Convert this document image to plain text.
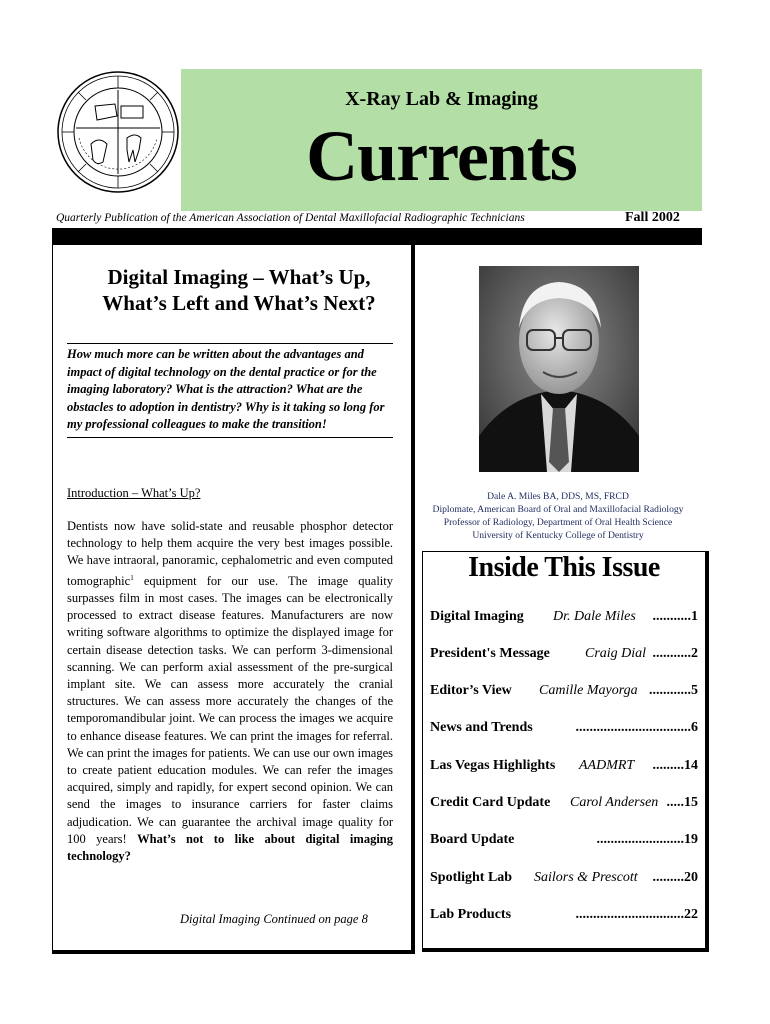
X-Ray Lab & Imaging
Currents
Quarterly Publication of the American Association of Dental Maxillofacial Radiographic Technicians	Fall 2002
Digital Imaging – What’s Up,
What’s Left and What’s Next?
How much more can be written about the advantages and impact of digital technology on the dental practice or for the imaging laboratory? What is the attraction? What are the obstacles to adoption in dentistry? Why is it taking so long for my professional colleagues to make the transition!
Introduction – What’s Up?
Dentists now have solid-state and reusable phosphor detector technology to help them acquire the very best images possible. We have intraoral, panoramic, cephalometric and even computed tomographic$^1$ equipment for our use. The image quality surpasses film in most cases. The images can be electronically processed to extract disease features. Manufacturers are now writing software algorithms to optimize the displayed image for certain disease detection tasks. We can perform 3-dimensional scanning. We can perform axial assessment of the pre-surgical implant site. We can assess more accurately the cranial structures. We can assess more accurately the changes of the temporomandibular joint. We can process the images we acquire to enhance disease features. We can print the images for referral. We can print the images for patients. We can use our own images to create patient education modules. We can refer the images acquired, simply and rapidly, for expert second opinion. We can send the images to insurance carriers for faster claims adjudication. We can guarantee the archival image quality for 100 years! What’s not to like about digital imaging technology?
Digital Imaging Continued on page 8
Dale A. Miles BA, DDS, MS, FRCD
Diplomate, American Board of Oral and Maxillofacial Radiology
Professor of Radiology, Department of Oral Health Science
University of Kentucky College of Dentistry
Inside This Issue
Digital Imaging Dr. Dale Miles ...........1
President's Message	Craig Dial ...........2
Editor’s View Camille Mayorga ............5
News and Trends	.................................6
Las Vegas Highlights AADMRT .........14
Credit Card Update Carol Andersen .....15
Board Update	.........................19
Spotlight Lab Sailors & Prescott .........20
Lab Products	...............................22
